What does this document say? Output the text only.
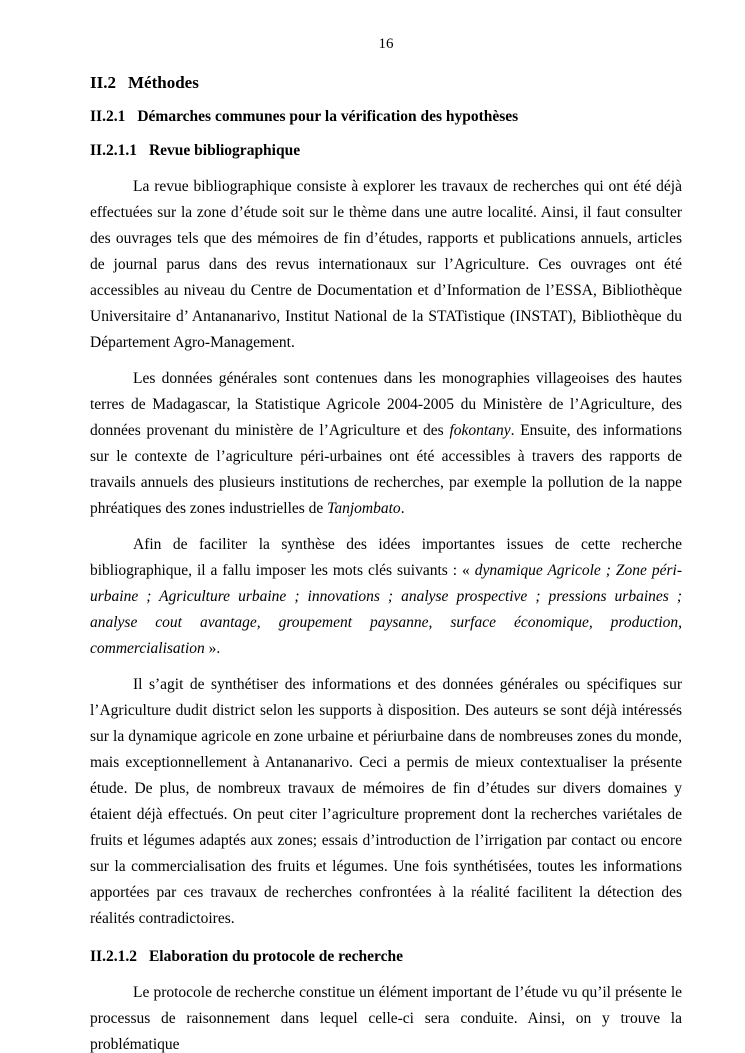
16
II.2 Méthodes
II.2.1 Démarches communes pour la vérification des hypothèses
II.2.1.1 Revue bibliographique

La revue bibliographique consiste à explorer les travaux de recherches qui ont été déjà effectuées sur la zone d’étude soit sur le thème dans une autre localité. Ainsi, il faut consulter des ouvrages tels que des mémoires de fin d’études, rapports et publications annuels, articles de journal parus dans des revus internationaux sur l’Agriculture. Ces ouvrages ont été accessibles au niveau du Centre de Documentation et d’Information de l’ESSA, Bibliothèque Universitaire d’ Antananarivo, Institut National de la STATistique (INSTAT), Bibliothèque du Département Agro-Management.

Les données générales sont contenues dans les monographies villageoises des hautes terres de Madagascar, la Statistique Agricole 2004-2005 du Ministère de l’Agriculture, des données provenant du ministère de l’Agriculture et des fokontany. Ensuite, des informations sur le contexte de l’agriculture péri-urbaines ont été accessibles à travers des rapports de travails annuels des plusieurs institutions de recherches, par exemple la pollution de la nappe phréatiques des zones industrielles de Tanjombato.

Afin de faciliter la synthèse des idées importantes issues de cette recherche bibliographique, il a fallu imposer les mots clés suivants : « dynamique Agricole ; Zone péri-urbaine ; Agriculture urbaine ; innovations ; analyse prospective ; pressions urbaines ; analyse cout avantage, groupement paysanne, surface économique, production, commercialisation ».

Il s’agit de synthétiser des informations et des données générales ou spécifiques sur l’Agriculture dudit district selon les supports à disposition. Des auteurs se sont déjà intéressés sur la dynamique agricole en zone urbaine et périurbaine dans de nombreuses zones du monde, mais exceptionnellement à Antananarivo. Ceci a permis de mieux contextualiser la présente étude. De plus, de nombreux travaux de mémoires de fin d’études sur divers domaines y étaient déjà effectués. On peut citer l’agriculture proprement dont la recherches variétales de fruits et légumes adaptés aux zones; essais d’introduction de l’irrigation par contact ou encore sur la commercialisation des fruits et légumes. Une fois synthétisées, toutes les informations apportées par ces travaux de recherches confrontées à la réalité facilitent la détection des réalités contradictoires.

II.2.1.2 Elaboration du protocole de recherche

Le protocole de recherche constitue un élément important de l’étude vu qu’il présente le processus de raisonnement dans lequel celle-ci sera conduite. Ainsi, on y trouve la problématique
